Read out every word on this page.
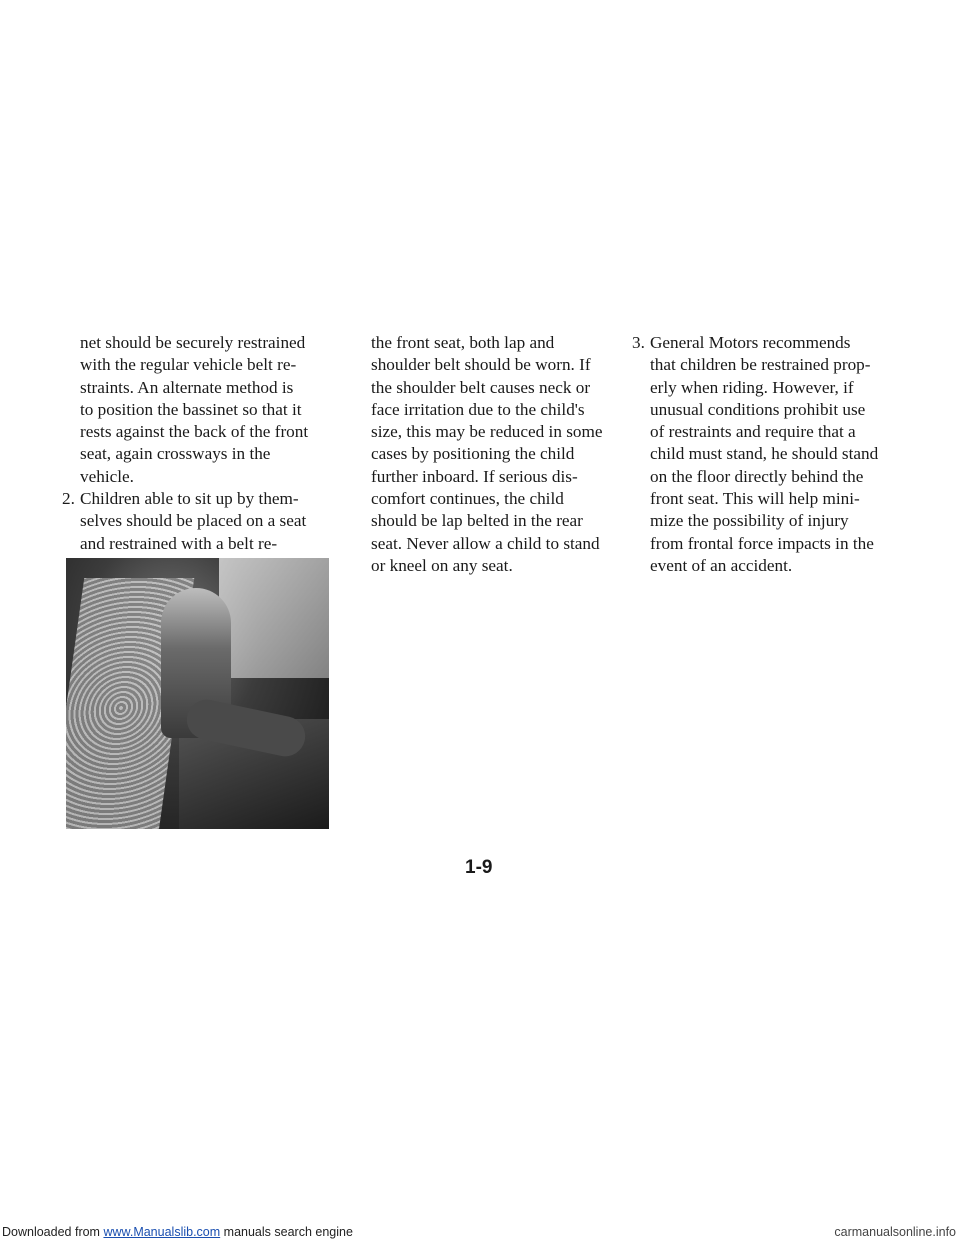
net should be securely restrained
with the regular vehicle belt re-
straints. An alternate method is
to position the bassinet so that it
rests against the back of the front
seat, again crossways in the
vehicle.
2. Children able to sit up by them-
selves should be placed on a seat
and restrained with a belt re-
the front seat, both lap and
shoulder belt should be worn. If
the shoulder belt causes neck or
face irritation due to the child's
size, this may be reduced in some
cases by positioning the child
further inboard. If serious dis-
comfort continues, the child
should be lap belted in the rear
seat. Never allow a child to stand
or kneel on any seat.
3. General Motors recommends
that children be restrained prop-
erly when riding. However, if
unusual conditions prohibit use
of restraints and require that a
child must stand, he should stand
on the floor directly behind the
front seat. This will help mini-
mize the possibility of injury
from frontal force impacts in the
event of an accident.
1-9
Downloaded from www.Manualslib.com manuals search engine	carmanualsonline.info
